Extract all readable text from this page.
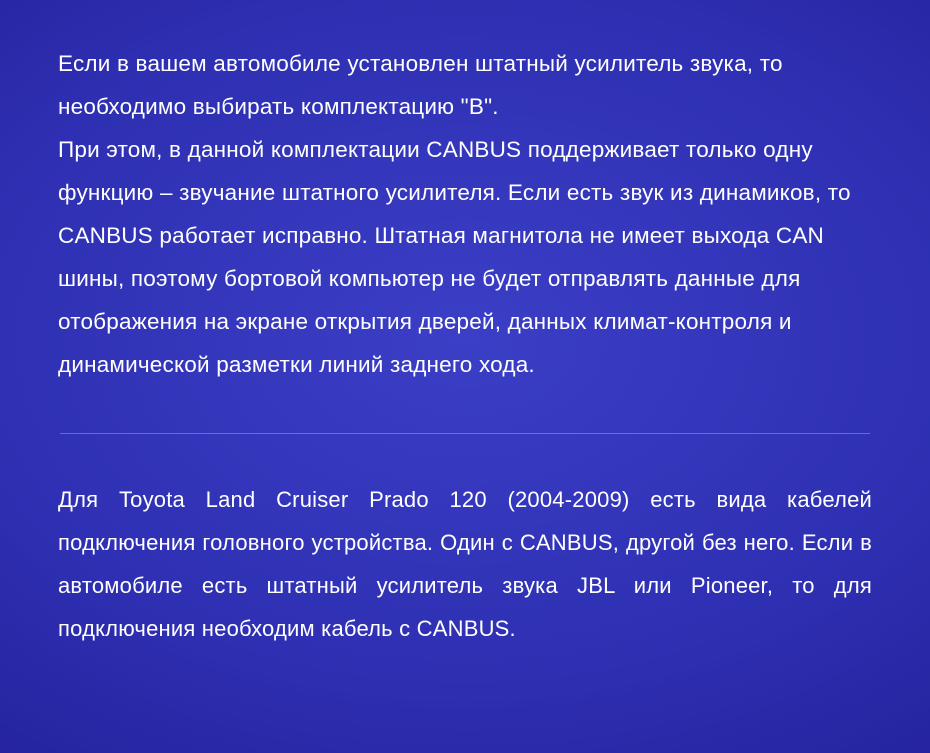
Если в вашем автомобиле установлен штатный усилитель звука, то необходимо выбирать комплектацию "B".

При этом, в данной комплектации CANBUS поддерживает только одну функцию – звучание штатного усилителя. Если есть звук из динамиков, то CANBUS работает исправно. Штатная магнитола не имеет выхода CAN шины, поэтому бортовой компьютер не будет отправлять данные для отображения на экране открытия дверей, данных климат-контроля и динамической разметки линий заднего хода.

Для Toyota Land Cruiser Prado 120 (2004-2009) есть вида кабелей подключения головного устройства. Один с CANBUS, другой без него. Если в автомобиле есть штатный усилитель звука JBL или Pioneer, то для подключения необходим кабель с CANBUS.
